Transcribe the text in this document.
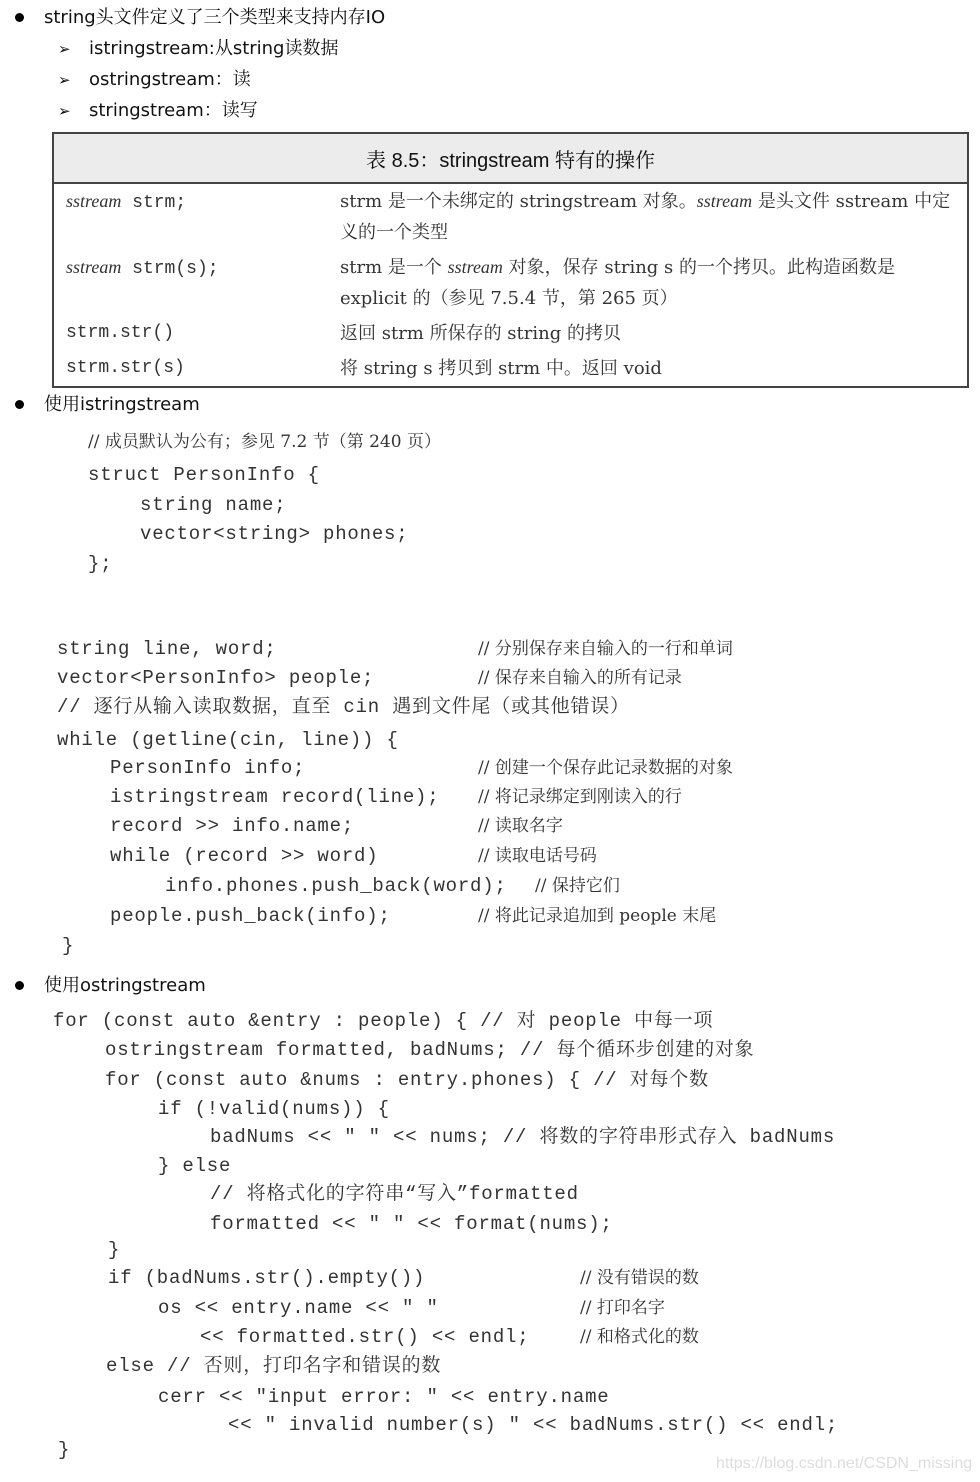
string头文件定义了三个类型来支持内存IO
➢ istringstream:从string读数据
➢ ostringstream：读
➢ stringstream：读写
表 8.5：stringstream 特有的操作	
sstream strm;	strm 是一个未绑定的 stringstream 对象。sstream 是头文件 sstream 中定义的一个类型
sstream strm(s);	strm 是一个 sstream 对象，保存 string s 的一个拷贝。此构造函数是 explicit 的（参见 7.5.4 节，第 265 页）
strm.str()	返回 strm 所保存的 string 的拷贝
strm.str(s)	将 string s 拷贝到 strm 中。返回 void
使用istringstream
// 成员默认为公有；参见 7.2 节（第 240 页）
struct PersonInfo {
string name;
vector<string> phones;
};
string line, word;	// 分别保存来自输入的一行和单词
vector<PersonInfo> people;	// 保存来自输入的所有记录
// 逐行从输入读取数据，直至 cin 遇到文件尾（或其他错误）
while (getline(cin, line)) {
PersonInfo info;	// 创建一个保存此记录数据的对象
istringstream record(line); // 将记录绑定到刚读入的行
record >> info.name;	// 读取名字
while (record >> word)	// 读取电话号码
info.phones.push_back(word); // 保持它们
people.push_back(info);	// 将此记录追加到 people 末尾
}
使用ostringstream
for (const auto &entry : people) { // 对 people 中每一项
ostringstream formatted, badNums; // 每个循环步创建的对象
for (const auto &nums : entry.phones) { // 对每个数
if (!valid(nums)) {
badNums << " " << nums; // 将数的字符串形式存入 badNums
} else
// 将格式化的字符串“写入”formatted
formatted << " " << format(nums);
}
if (badNums.str().empty())	// 没有错误的数
os << entry.name << " "	// 打印名字
<< formatted.str() << endl;	// 和格式化的数
else // 否则，打印名字和错误的数
cerr << "input error: " << entry.name
<< " invalid number(s) " << badNums.str() << endl;
}
https://blog.csdn.net/CSDN_missing
